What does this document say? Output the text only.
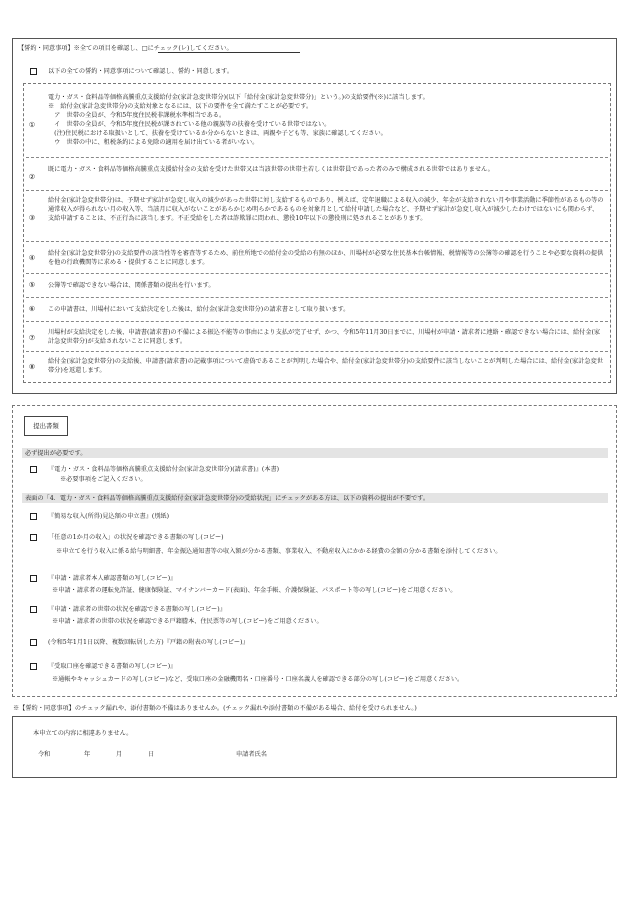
【誓約・同意事項】※全ての項目を確認し、□にチェック(レ)してください。
以下の全ての誓約・同意事項について確認し、誓約・同意します。
①
電力・ガス・食料品等価格高騰重点支援給付金(家計急変世帯分)(以下「給付金(家計急変世帯分)」という。)の支給要件(※)に該当します。
※　給付金(家計急変世帯分)の支給対象となるには、以下の要件を全て満たすことが必要です。
　ア　世帯の全員が、令和5年度住民税非課税水準相当である。
　イ　世帯の全員が、令和5年度住民税が課されている他の親族等の扶養を受けている世帯ではない。
　(注)住民税における取扱いとして、扶養を受けているか分からないときは、両親や子ども等、家族に確認してください。
　ウ　世帯の中に、租税条約による免除の適用を届け出ている者がいない。
②
既に電力・ガス・食料品等価格高騰重点支援給付金の支給を受けた世帯又は当該世帯の世帯主若しくは世帯員であった者のみで構成される世帯ではありません。
③
給付金(家計急変世帯分)は、予期せず家計が急変し収入の減少があった世帯に対し支給するものであり、例えば、定年退職による収入の減少、年金が支給されない月や事業活動に季節性があるもの等の通常収入が得られない月の収入等、当該月に収入がないことがあらかじめ明らかであるものを対象月として給付申請した場合など、予期せず家計が急変し収入が減少したわけではないにも関わらず、支給申請することは、不正行為に該当します。不正受給をした者は詐欺罪に問われ、懲役10年以下の懲役刑に処されることがあります。
④
給付金(家計急変世帯分)の支給要件の該当性等を審査等するため、前住所地での給付金の受給の有無のほか、川場村が必要な住民基本台帳情報、税情報等の公簿等の確認を行うことや必要な資料の提供を他の行政機関等に求める・提供することに同意します。
⑤	公簿等で確認できない場合は、関係書類の提出を行います。
⑥	この申請書は、川場村において支給決定をした後は、給付金(家計急変世帯分)の請求書として取り扱います。
⑦
川場村が支給決定をした後、申請書(請求書)の不備による振込不能等の事由により支払が完了せず、かつ、令和5年11月30日までに、川場村が申請・請求者に連絡・確認できない場合には、給付金(家計急変世帯分)が支給されないことに同意します。
⑧
給付金(家計急変世帯分)の支給後、申請書(請求書)の記載事項について虚偽であることが判明した場合や、給付金(家計急変世帯分)の支給要件に該当しないことが判明した場合には、給付金(家計急変世帯分)を返還します。
提出書類
必ず提出が必要です。
『電力・ガス・食料品等価格高騰重点支援給付金(家計急変世帯分)(請求書)』(本書)
※必要事項をご記入ください。
表面の「4．電力・ガス・食料品等価格高騰重点支援給付金(家計急変世帯分)の受給状況」にチェックがある方は、以下の資料の提出が不要です。
『簡易な収入(所得)見込額の申立書』(別紙)
「任意の1か月の収入」の状況を確認できる書類の写し(コピー)
※申立てを行う収入に係る給与明細書、年金振込通知書等の収入額が分かる書類、事業収入、不動産収入にかかる経費の金額の分かる書類を添付してください。
『申請・請求者本人確認書類の写し(コピー)』
※申請・請求者の運転免許証、健康保険証、マイナンバーカード(表面)、年金手帳、介護保険証、パスポート等の写し(コピー)をご用意ください。
『申請・請求者の世帯の状況を確認できる書類の写し(コピー)』
※申請・請求者の世帯の状況を確認できる戸籍謄本、住民票等の写し(コピー)をご用意ください。
(令和5年1月1日以降、複数回転居した方)『戸籍の附表の写し(コピー)』
『受取口座を確認できる書類の写し(コピー)』
※通帳やキャッシュカードの写し(コピー)など、受取口座の金融機関名・口座番号・口座名義人を確認できる部分の写し(コピー)をご用意ください。
※【誓約・同意事項】のチェック漏れや、添付書類の不備はありませんか。(チェック漏れや添付書類の不備がある場合、給付を受けられません。)
本申立ての内容に相違ありません。
令和	年	月	日	申請者氏名
